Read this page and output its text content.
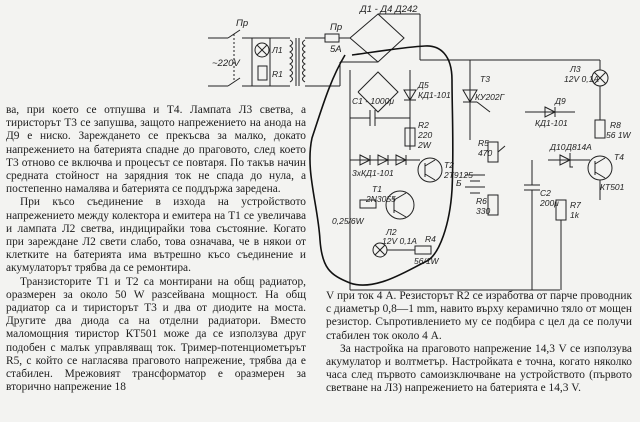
Пр
5A
Д1 - Д4 Д242
Пр
~220V
Л1
R1
C1 - 1000μ
Д5
КД1-101
T3
КУ202Г
R2
220
2W
3xКД1-101
T2
2T9125
T1
2N3055
0,25/6W
Л2
12V 0,1A R4
56/1W
R5
470
Б
R6
330
C2
200μ
Д9
КД1-101
Д10 Д814А
Л3
12V 0,1A
R8
56 1W
T4
КТ501
R7
1k

ва, при което се отпушва и T4. Лампата Л3 светва, а тиристорът T3 се запушва, защото напрежението на анода на Д9 е ниско. Зареждането се прекъсва за малко, докато напрежението на батерията спадне до праговото, след което T3 отново се включва и процесът се повтаря. По такъв начин средната стойност на зарядния ток не спада до нула, а постепенно намалява и батерията се поддържа заредена.

При късо съединение в изхода на устройството напрежението между колектора и емитера на T1 се увеличава и лампата Л2 светва, индицирайки това състояние. Когато при зареждане Л2 свети слабо, това означава, че в някои от клетките на батерията има вътрешно късо съединение и акумулаторът трябва да се ремонтира.

Транзисторите T1 и T2 са монтирани на общ радиатор, оразмерен за около 50 W разсейвана мощност. На общ радиатор са и тиристорът T3 и два от диодите на моста. Другите два диода са на отделни радиатори. Вместо маломощния тиристор КТ501 може да се използува друг подобен с малък управляващ ток. Тример-потенциометърът R5, с който се нагласява праговото напрежение, трябва да е стабилен. Мрежовият трансформатор е оразмерен за вторично напрежение 18

V при ток 4 А. Резисторът R2 се изработва от парче проводник с диаметър 0,8—1 mm, навито върху керамично тяло от мощен резистор. Съпротивлението му се подбира с цел да се получи стабилен ток около 4 А.

За настройка на праговото напрежение 14,3 V се използува акумулатор и волтметър. Настройката е точна, когато няколко часа след първото самоизключване на устройството (първото светване на Л3) напрежението на батерията е 14,3 V.
